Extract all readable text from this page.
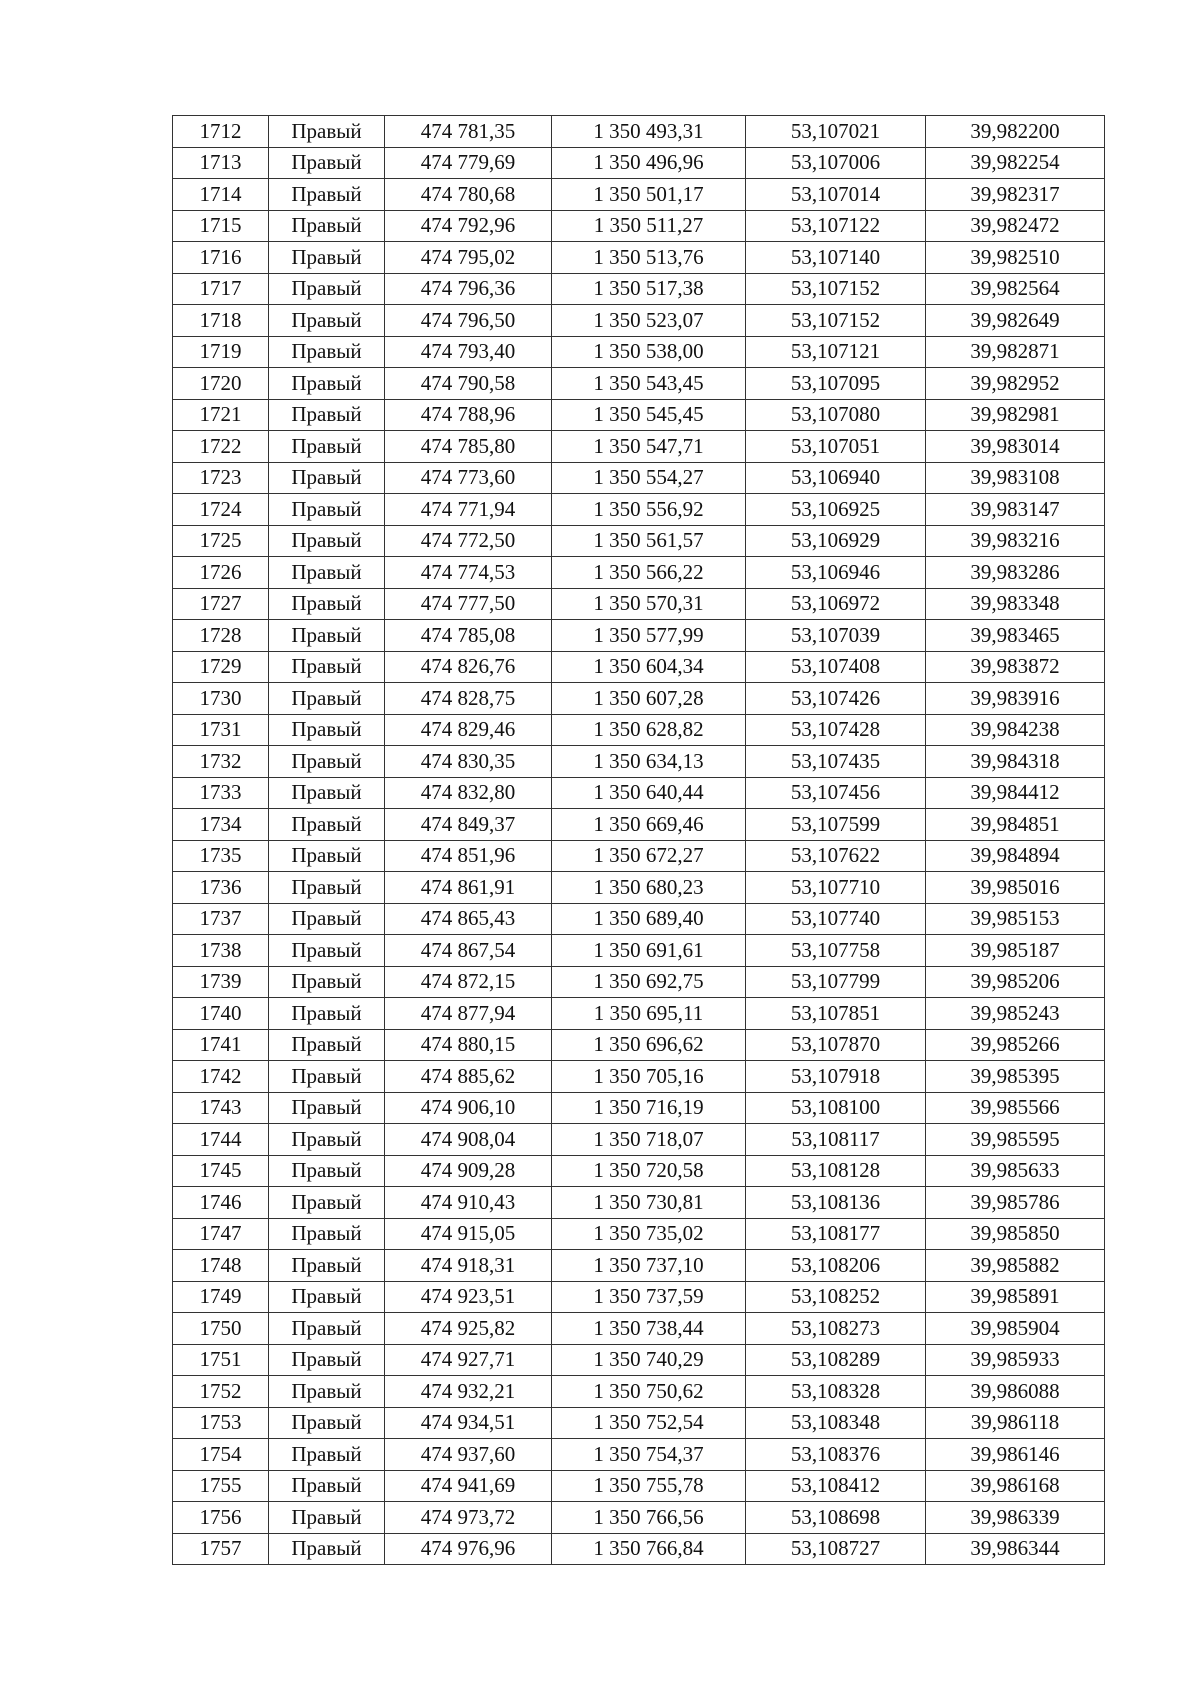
1712	Правый	474 781,35	1 350 493,31	53,107021	39,982200
1713	Правый	474 779,69	1 350 496,96	53,107006	39,982254
1714	Правый	474 780,68	1 350 501,17	53,107014	39,982317
1715	Правый	474 792,96	1 350 511,27	53,107122	39,982472
1716	Правый	474 795,02	1 350 513,76	53,107140	39,982510
1717	Правый	474 796,36	1 350 517,38	53,107152	39,982564
1718	Правый	474 796,50	1 350 523,07	53,107152	39,982649
1719	Правый	474 793,40	1 350 538,00	53,107121	39,982871
1720	Правый	474 790,58	1 350 543,45	53,107095	39,982952
1721	Правый	474 788,96	1 350 545,45	53,107080	39,982981
1722	Правый	474 785,80	1 350 547,71	53,107051	39,983014
1723	Правый	474 773,60	1 350 554,27	53,106940	39,983108
1724	Правый	474 771,94	1 350 556,92	53,106925	39,983147
1725	Правый	474 772,50	1 350 561,57	53,106929	39,983216
1726	Правый	474 774,53	1 350 566,22	53,106946	39,983286
1727	Правый	474 777,50	1 350 570,31	53,106972	39,983348
1728	Правый	474 785,08	1 350 577,99	53,107039	39,983465
1729	Правый	474 826,76	1 350 604,34	53,107408	39,983872
1730	Правый	474 828,75	1 350 607,28	53,107426	39,983916
1731	Правый	474 829,46	1 350 628,82	53,107428	39,984238
1732	Правый	474 830,35	1 350 634,13	53,107435	39,984318
1733	Правый	474 832,80	1 350 640,44	53,107456	39,984412
1734	Правый	474 849,37	1 350 669,46	53,107599	39,984851
1735	Правый	474 851,96	1 350 672,27	53,107622	39,984894
1736	Правый	474 861,91	1 350 680,23	53,107710	39,985016
1737	Правый	474 865,43	1 350 689,40	53,107740	39,985153
1738	Правый	474 867,54	1 350 691,61	53,107758	39,985187
1739	Правый	474 872,15	1 350 692,75	53,107799	39,985206
1740	Правый	474 877,94	1 350 695,11	53,107851	39,985243
1741	Правый	474 880,15	1 350 696,62	53,107870	39,985266
1742	Правый	474 885,62	1 350 705,16	53,107918	39,985395
1743	Правый	474 906,10	1 350 716,19	53,108100	39,985566
1744	Правый	474 908,04	1 350 718,07	53,108117	39,985595
1745	Правый	474 909,28	1 350 720,58	53,108128	39,985633
1746	Правый	474 910,43	1 350 730,81	53,108136	39,985786
1747	Правый	474 915,05	1 350 735,02	53,108177	39,985850
1748	Правый	474 918,31	1 350 737,10	53,108206	39,985882
1749	Правый	474 923,51	1 350 737,59	53,108252	39,985891
1750	Правый	474 925,82	1 350 738,44	53,108273	39,985904
1751	Правый	474 927,71	1 350 740,29	53,108289	39,985933
1752	Правый	474 932,21	1 350 750,62	53,108328	39,986088
1753	Правый	474 934,51	1 350 752,54	53,108348	39,986118
1754	Правый	474 937,60	1 350 754,37	53,108376	39,986146
1755	Правый	474 941,69	1 350 755,78	53,108412	39,986168
1756	Правый	474 973,72	1 350 766,56	53,108698	39,986339
1757	Правый	474 976,96	1 350 766,84	53,108727	39,986344
